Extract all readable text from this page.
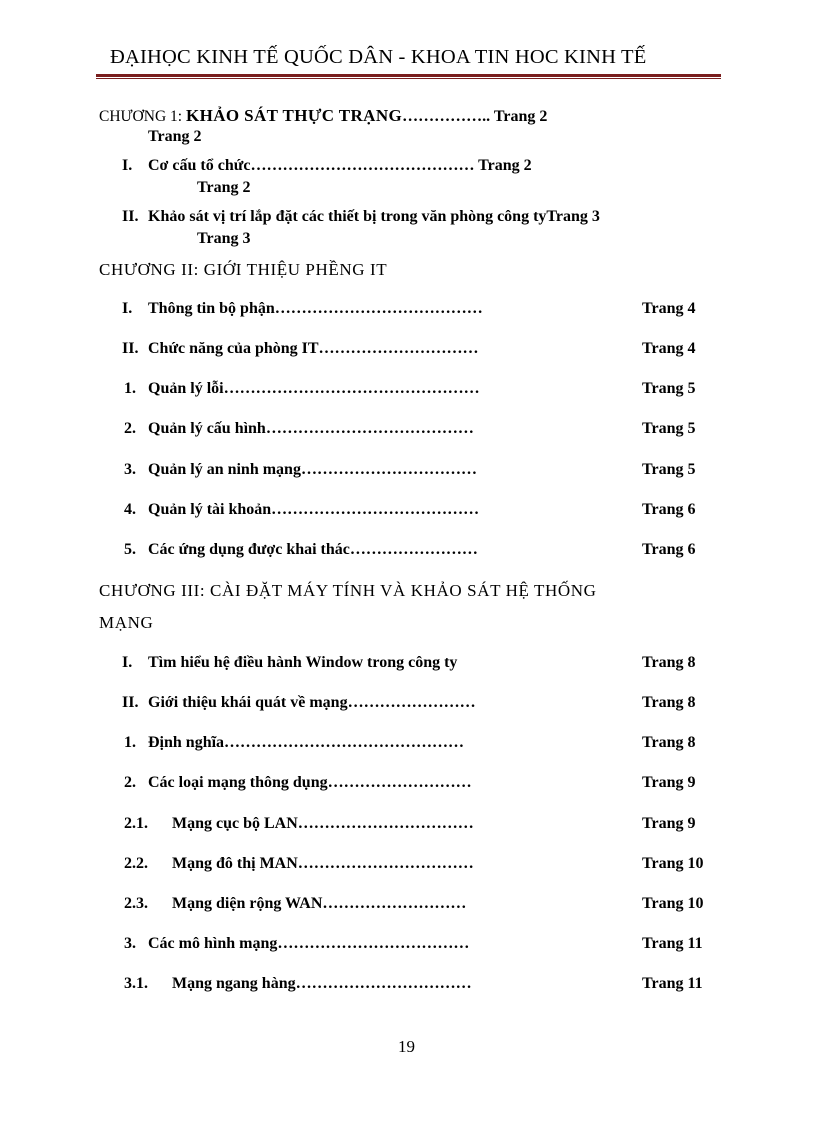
ĐẠIHỌC KINH TẾ QUỐC DÂN - KHOA TIN HOC KINH TẾ
CHƯƠNG 1: KHẢO SÁT THỰC TRẠNG…………….. Trang 2
Trang 2
I. Cơ cấu tổ chức…………………………………… Trang 2
Trang 2
II. Khảo sát vị trí lắp đặt các thiết bị trong văn phòng công tyTrang 3
Trang 3
CHƯƠNG II: GIỚI THIỆU PHỀNG IT
I. Thông tin bộ phận…………………………………	Trang 4
II. Chức năng của phòng IT…………………………	Trang 4
1. Quản lý lỗi…………………………………………	Trang 5
2. Quản lý cấu hình…………………………………	Trang 5
3. Quản lý an ninh mạng……………………………	Trang 5
4. Quản lý tài khoản…………………………………	Trang 6
5. Các ứng dụng được khai thác……………………	Trang 6
CHƯƠNG III: CÀI ĐẶT MÁY TÍNH VÀ KHẢO SÁT HỆ THỐNG
MẠNG
I. Tìm hiểu hệ điều hành Window trong công ty	Trang 8
II. Giới thiệu khái quát về mạng……………………	Trang 8
1. Định nghĩa………………………………………	Trang 8
2. Các loại mạng thông dụng………………………	Trang 9
2.1. Mạng cục bộ LAN……………………………	Trang 9
2.2. Mạng đô thị MAN……………………………	Trang 10
2.3. Mạng diện rộng WAN………………………	Trang 10
3. Các mô hình mạng………………………………	Trang 11
3.1. Mạng ngang hàng……………………………	Trang 11
19
